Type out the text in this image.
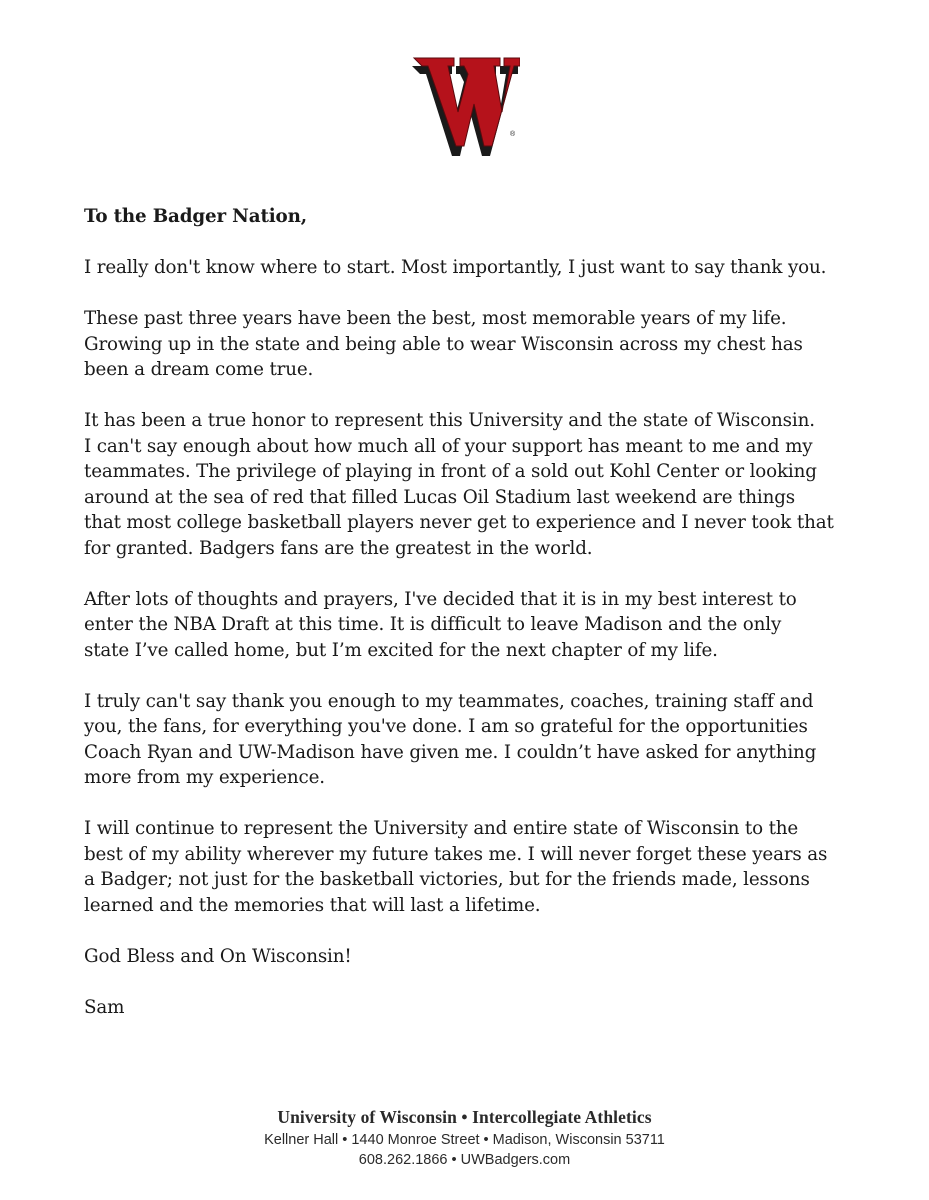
®

To the Badger Nation,

I really don't know where to start. Most importantly, I just want to say thank you.

These past three years have been the best, most memorable years of my life.
Growing up in the state and being able to wear Wisconsin across my chest has
been a dream come true.

It has been a true honor to represent this University and the state of Wisconsin.
I can't say enough about how much all of your support has meant to me and my
teammates. The privilege of playing in front of a sold out Kohl Center or looking
around at the sea of red that filled Lucas Oil Stadium last weekend are things
that most college basketball players never get to experience and I never took that
for granted. Badgers fans are the greatest in the world.

After lots of thoughts and prayers, I've decided that it is in my best interest to
enter the NBA Draft at this time. It is difficult to leave Madison and the only
state I’ve called home, but I’m excited for the next chapter of my life.

I truly can't say thank you enough to my teammates, coaches, training staff and
you, the fans, for everything you've done. I am so grateful for the opportunities
Coach Ryan and UW-Madison have given me. I couldn’t have asked for anything
more from my experience.

I will continue to represent the University and entire state of Wisconsin to the
best of my ability wherever my future takes me. I will never forget these years as
a Badger; not just for the basketball victories, but for the friends made, lessons
learned and the memories that will last a lifetime.

God Bless and On Wisconsin!

Sam

University of Wisconsin • Intercollegiate Athletics
Kellner Hall • 1440 Monroe Street • Madison, Wisconsin 53711
608.262.1866 • UWBadgers.com
